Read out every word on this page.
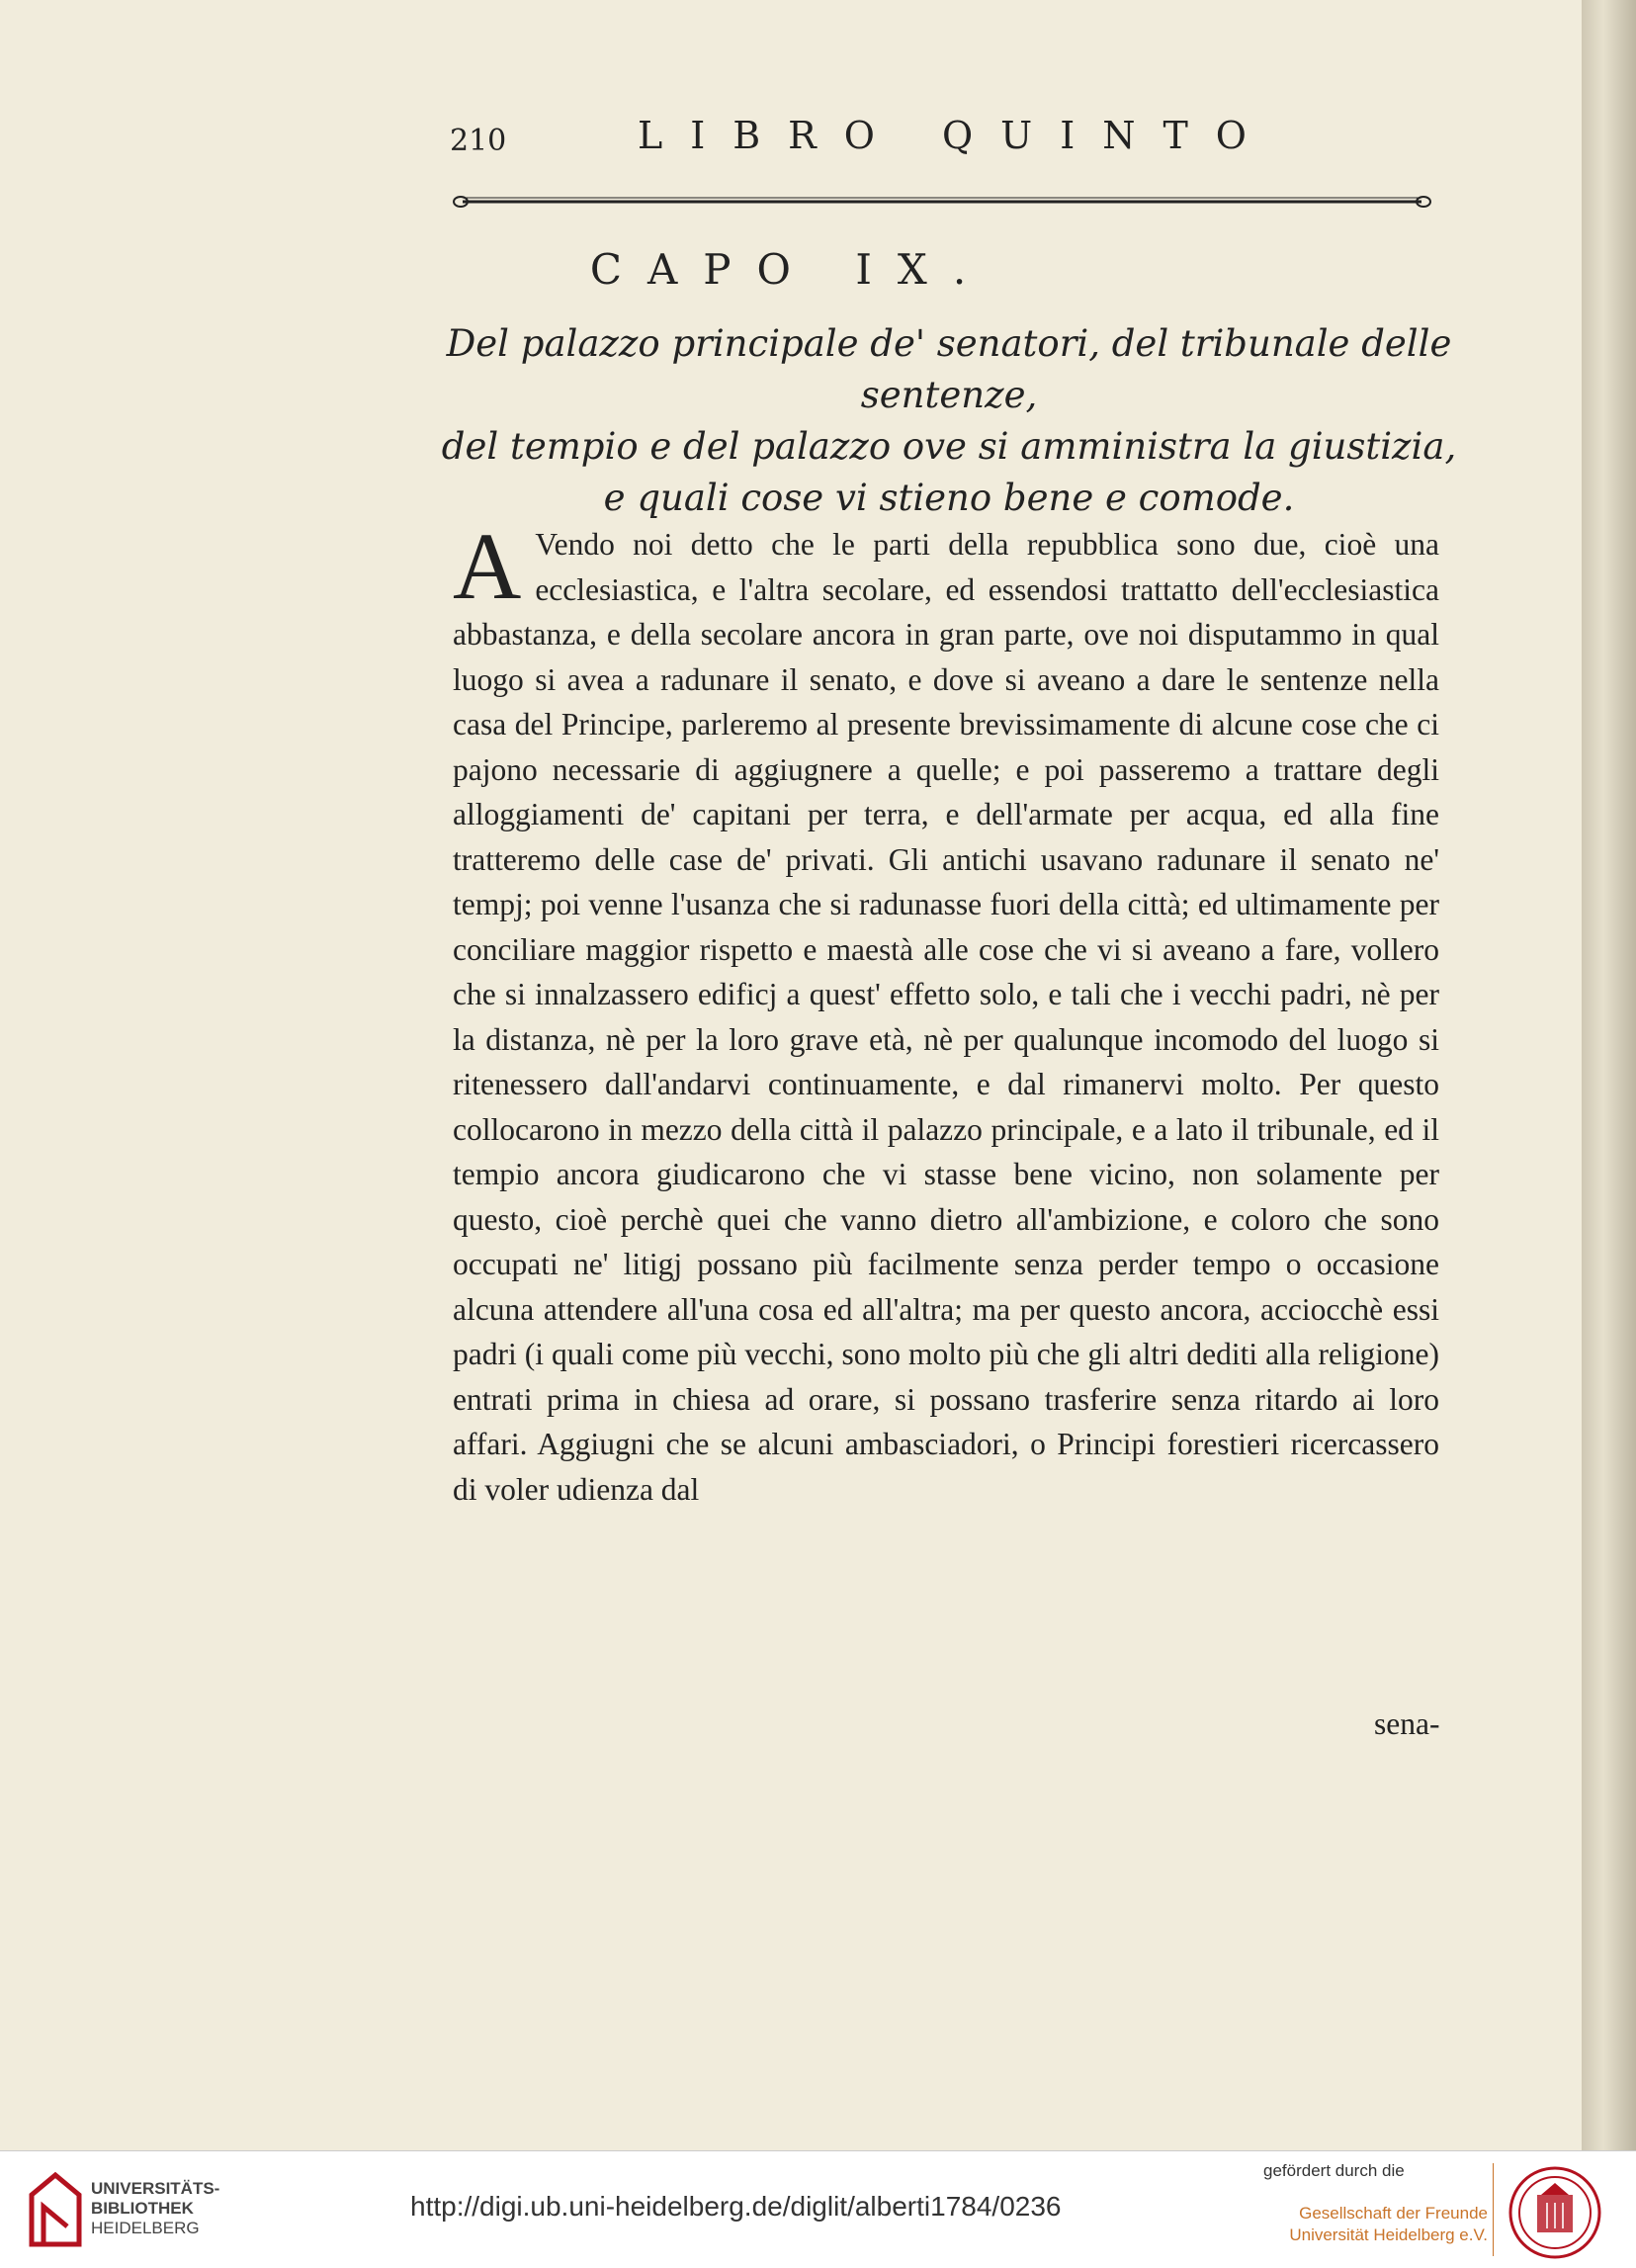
210	LIBRO QUINTO
CAPO IX.
Del palazzo principale de' senatori, del tribunale delle sentenze,
del tempio e del palazzo ove si amministra la giustizia,
e quali cose vi stieno bene e comode.
A Vendo noi detto che le parti della repubblica sono due, cioè una ecclesiastica, e l'altra secolare, ed essendosi trattatto dell'ecclesiastica abbastanza, e della secolare ancora in gran parte, ove noi disputammo in qual luogo si avea a radunare il senato, e dove si aveano a dare le sentenze nella casa del Principe, parleremo al presente brevissimamente di alcune cose che ci pajono necessarie di aggiugnere a quelle; e poi passeremo a trattare degli alloggiamenti de' capitani per terra, e dell'armate per acqua, ed alla fine tratteremo delle case de' privati. Gli antichi usavano radunare il senato ne' tempj; poi venne l'usanza che si radunasse fuori della città; ed ultimamente per conciliare maggior rispetto e maestà alle cose che vi si aveano a fare, vollero che si innalzassero edificj a quest' effetto solo, e tali che i vecchi padri, nè per la distanza, nè per la loro grave età, nè per qualunque incomodo del luogo si ritenessero dall'andarvi continuamente, e dal rimanervi molto. Per questo collocarono in mezzo della città il palazzo principale, e a lato il tribunale, ed il tempio ancora giudicarono che vi stasse bene vicino, non solamente per questo, cioè perchè quei che vanno dietro all'ambizione, e coloro che sono occupati ne' litigj possano più facilmente senza perder tempo o occasione alcuna attendere all'una cosa ed all'altra; ma per questo ancora, acciocchè essi padri (i quali come più vecchi, sono molto più che gli altri dediti alla religione) entrati prima in chiesa ad orare, si possano trasferire senza ritardo ai loro affari. Aggiugni che se alcuni ambasciadori, o Principi forestieri ricercassero di voler udienza dal
sena-
UNIVERSITÄTS-
BIBLIOTHEK
HEIDELBERG
http://digi.ub.uni-heidelberg.de/diglit/alberti1784/0236
gefördert durch die
Gesellschaft der Freunde
Universität Heidelberg e.V.
